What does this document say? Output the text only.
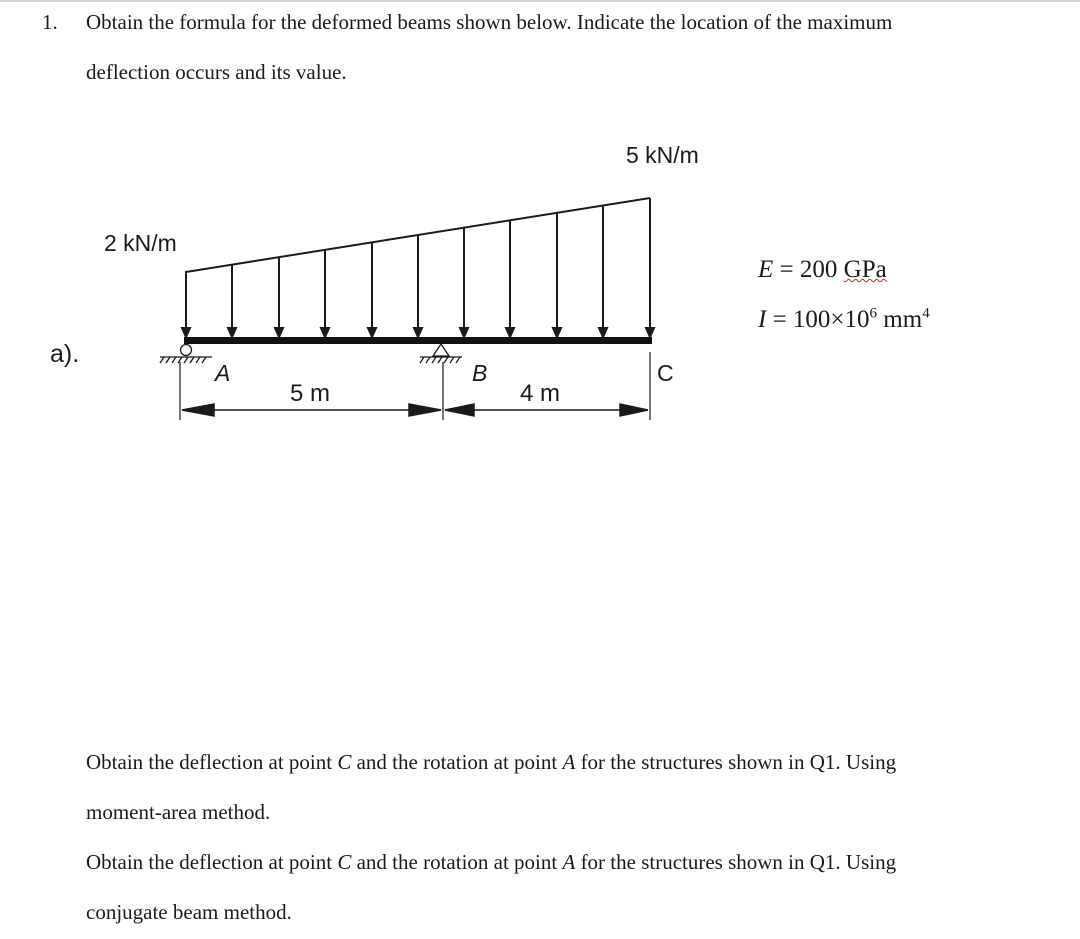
1. Obtain the formula for the deformed beams shown below. Indicate the location of the maximum
deflection occurs and its value.
a).
2 kN/m
5 kN/m
A	B	C
5 m	4 m
E = 200 GPa
$I = 100\times 10^6$ $mm^4$
Obtain the deflection at point C and the rotation at point A for the structures shown in Q1. Using
moment-area method.
Obtain the deflection at point C and the rotation at point A for the structures shown in Q1. Using
conjugate beam method.
